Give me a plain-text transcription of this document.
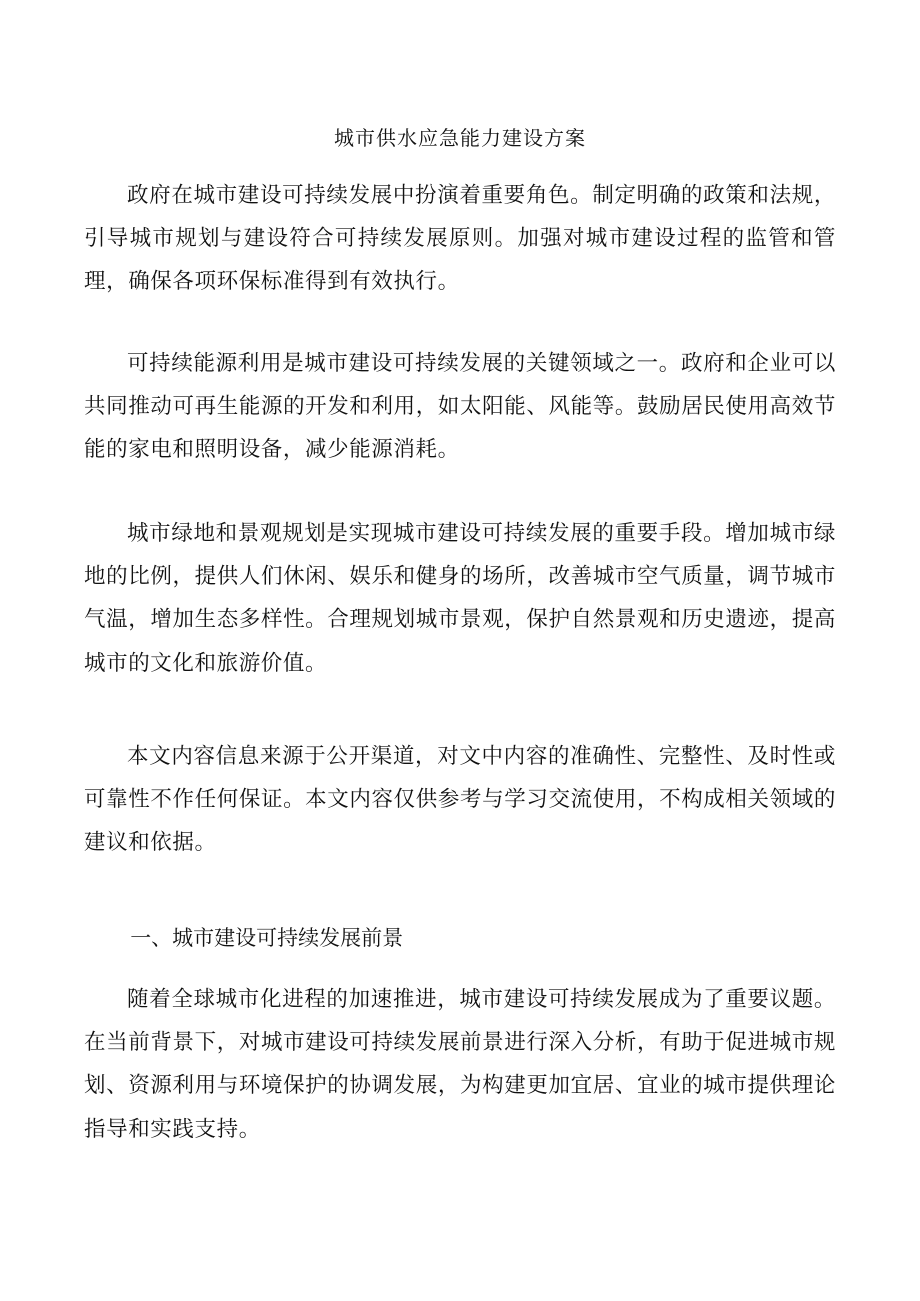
城市供水应急能力建设方案

政府在城市建设可持续发展中扮演着重要角色。制定明确的政策和法规，引导城市规划与建设符合可持续发展原则。加强对城市建设过程的监管和管理，确保各项环保标准得到有效执行。

可持续能源利用是城市建设可持续发展的关键领域之一。政府和企业可以共同推动可再生能源的开发和利用，如太阳能、风能等。鼓励居民使用高效节能的家电和照明设备，减少能源消耗。

城市绿地和景观规划是实现城市建设可持续发展的重要手段。增加城市绿地的比例，提供人们休闲、娱乐和健身的场所，改善城市空气质量，调节城市气温，增加生态多样性。合理规划城市景观，保护自然景观和历史遗迹，提高城市的文化和旅游价值。

本文内容信息来源于公开渠道，对文中内容的准确性、完整性、及时性或可靠性不作任何保证。本文内容仅供参考与学习交流使用，不构成相关领域的建议和依据。

一、城市建设可持续发展前景

随着全球城市化进程的加速推进，城市建设可持续发展成为了重要议题。在当前背景下，对城市建设可持续发展前景进行深入分析，有助于促进城市规划、资源利用与环境保护的协调发展，为构建更加宜居、宜业的城市提供理论指导和实践支持。
